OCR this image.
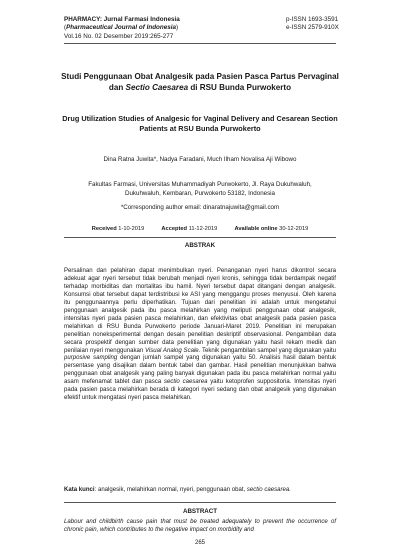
PHARMACY: Jurnal Farmasi Indonesia
(Pharmaceutical Journal of Indonesia)
Vol.16 No. 02 Desember 2019:265-277
p-ISSN 1693-3591
e-ISSN 2579-910X
Studi Penggunaan Obat Analgesik pada Pasien Pasca Partus Pervaginal
dan Sectio Caesarea di RSU Bunda Purwokerto
Drug Utilization Studies of Analgesic for Vaginal Delivery and Cesarean Section
Patients at RSU Bunda Purwokerto
Dina Ratna Juwita*, Nadya Faradani, Much Ilham Novalisa Aji Wibowo
Fakultas Farmasi, Universitas Muhammadiyah Purwokerto, Jl. Raya Dukuhwaluh,
Dukuhwaluh, Kembaran, Purwokerto 53182, Indonesia
*Corresponding author email: dinaratnajuwita@gmail.com
Received 1-10-2019	Accepted 11-12-2019	Available online 30-12-2019
ABSTRAK
Persalinan dan pelahiran dapat menimbulkan nyeri. Penanganan nyeri harus dikontrol secara adekuat agar nyeri tersebut tidak berubah menjadi nyeri kronis, sehingga tidak berdampak negatif terhadap morbiditas dan mortalitas ibu hamil. Nyeri tersebut dapat ditangani dengan analgesik. Konsumsi obat tersebut dapat terdistribusi ke ASI yang menggangu proses menyusui. Oleh karena itu penggunaannya perlu diperhatikan. Tujuan dari penelitian ini adalah untuk mengetahui penggunaan analgesik pada ibu pasca melahirkan yang meliputi penggunaan obat analgesik, intensitas nyeri pada pasien pasca melahirkan, dan efektivitas obat analgesik pada pasien pasca melahirkan di RSU Bunda Purwokerto periode Januari-Maret 2019. Penelitian ini merupakan penelitian noneksperimental dengan desain penelitian deskriptif observasional. Pengambilan data secara prospektif dengan sumber data penelitian yang digunakan yaitu hasil rekam medik dan penilaian nyeri menggunakan Visual Analog Scale. Teknik pengambilan sampel yang digunakan yaitu purposive sampling dengan jumlah sampel yang digunakan yaitu 50. Analisis hasil dalam bentuk persentase yang disajikan dalam bentuk tabel dan gambar. Hasil penelitian menunjukkan bahwa penggunaan obat analgesik yang paling banyak digunakan pada ibu pasca melahirkan normal yaitu asam mefenamat tablet dan pasca sectio caesarea yaitu ketoprofen suppositoria. Intensitas nyeri pada pasien pasca melahirkan berada di kategori nyeri sedang dan obat analgesik yang digunakan efektif untuk mengatasi nyeri pasca melahirkan.
Kata kunci: analgesik, melahirkan normal, nyeri, penggunaan obat, sectio caesarea.
ABSTRACT
Labour and childbirth cause pain that must be treated adequately to prevent the occurrence of chronic pain, which contributes to the negative impact on morbidity and
265
